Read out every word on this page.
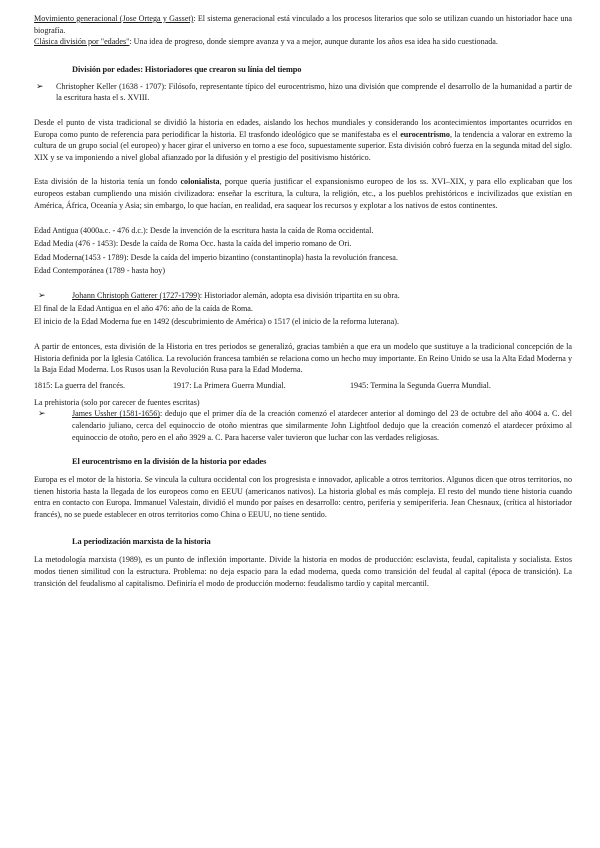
Movimiento generacional (Jose Ortega y Gasset): El sistema generacional está vinculado a los procesos literarios que solo se utilizan cuando un historiador hace una biografía.

Clásica división por "edades": Una idea de progreso, donde siempre avanza y va a mejor, aunque durante los años esa idea ha sido cuestionada.

División por edades: Historiadores que crearon su línia del tiempo
➢ Christopher Keller (1638 - 1707): Filósofo, representante típico del eurocentrismo, hizo una división que comprende el desarrollo de la humanidad a partir de la escritura hasta el s. XVIII.

Desde el punto de vista tradicional se dividió la historia en edades, aislando los hechos mundiales y considerando los acontecimientos importantes ocurridos en Europa como punto de referencia para periodificar la historia. El trasfondo ideológico que se manifestaba es el eurocentrismo, la tendencia a valorar en extremo la cultura de un grupo social (el europeo) y hacer girar el universo en torno a ese foco, supuestamente superior. Esta división cobró fuerza en la segunda mitad del siglo. XIX y se va imponiendo a nivel global afianzado por la difusión y el prestigio del positivismo histórico.

Esta división de la historia tenía un fondo colonialista, porque quería justificar el expansionismo europeo de los ss. XVI–XIX, y para ello explicaban que los europeos estaban cumpliendo una misión civilizadora: enseñar la escritura, la cultura, la religión, etc., a los pueblos prehistóricos e incivilizados que existían en América, África, Oceanía y Asia; sin embargo, lo que hacían, en realidad, era saquear los recursos y explotar a los nativos de estos continentes.

Edad Antigua (4000a.c. - 476 d.c.): Desde la invención de la escritura hasta la caída de Roma occidental.
Edad Media (476 - 1453): Desde la caída de Roma Occ. hasta la caída del imperio romano de Ori.
Edad Moderna(1453 - 1789): Desde la caída del imperio bizantino (constantinopla) hasta la revolución francesa.
Edad Contemporánea (1789 - hasta hoy)
➢	Johann Christoph Gatterer (1727-1799): Historiador alemán, adopta esa división tripartita en su obra.
El final de la Edad Antigua en el año 476: año de la caída de Roma.
El inicio de la Edad Moderna fue en 1492 (descubrimiento de América) o 1517 (el inicio de la reforma luterana).

A partir de entonces, esta división de la Historia en tres periodos se generalizó, gracias también a que era un modelo que sustituye a la tradicional concepción de la Historia definida por la Iglesia Católica. La revolución francesa también se relaciona como un hecho muy importante. En Reino Unido se usa la Alta Edad Moderna y la Baja Edad Moderna. Los Rusos usan la Revolución Rusa para la Edad Moderna.

1815: La guerra del francés.	1917: La Primera Guerra Mundial.	1945: Termina la Segunda Guerra Mundial.

La prehistoria (solo por carecer de fuentes escritas)

➢	James Ussher (1581-1656): dedujo que el primer día de la creación comenzó el atardecer anterior al domingo del 23 de octubre del año 4004 a. C. del calendario juliano, cerca del equinoccio de otoño mientras que similarmente John Lightfool dedujo que la creación comenzó el atardecer próximo al equinoccio de otoño, pero en el año 3929 a. C. Para hacerse valer tuvieron que luchar con las verdades religiosas.
El eurocentrismo en la división de la historia por edades

Europa es el motor de la historia. Se vincula la cultura occidental con los progresista e innovador, aplicable a otros territorios. Algunos dicen que otros territorios, no tienen historia hasta la llegada de los europeos como en EEUU (americanos nativos). La historia global es más compleja. El resto del mundo tiene historia cuando entra en contacto con Europa. Immanuel Valestain, dividió el mundo por países en desarrollo: centro, periferia y semiperiferia. Jean Chesnaux, (crítica al historiador francés), no se puede establecer en otros territorios como China o EEUU, no tiene sentido.

La periodización marxista de la historia

La metodología marxista (1989), es un punto de inflexión importante. Divide la historia en modos de producción: esclavista, feudal, capitalista y socialista. Estos modos tienen similitud con la estructura. Problema: no deja espacio para la edad moderna, queda como transición del feudal al capital (época de transición). La transición del feudalismo al capitalismo. Definiría el modo de producción moderno: feudalismo tardío y capital mercantil.
